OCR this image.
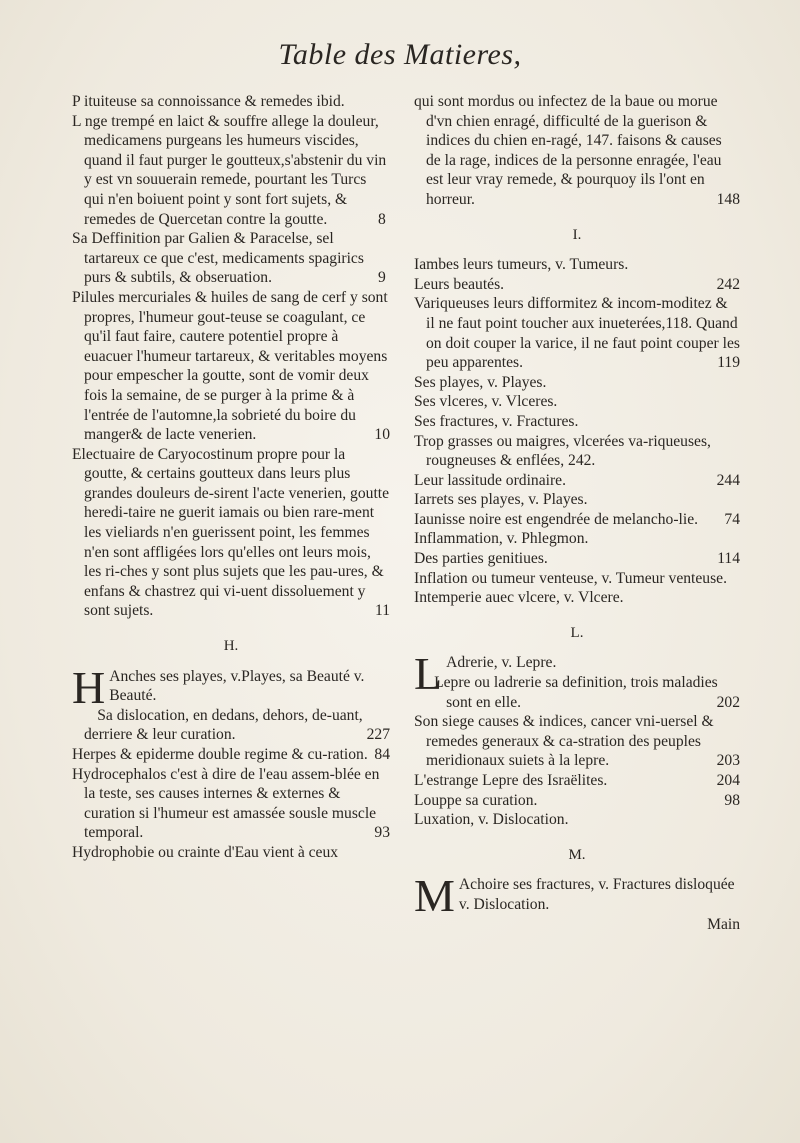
Table des Matieres,

P ituiteuse sa connoissance & remedes ibid.

L nge trempé en laict & souffre allege la douleur, medicamens purgeans les humeurs viscides, quand il faut purger le goutteux,s'abstenir du vin y est vn souuerain remede, pourtant les Turcs qui n'en boiuent point y sont fort sujets, & remedes de Quercetan contre la goutte.	8

Sa Deffinition par Galien & Paracelse, sel tartareux ce que c'est, medicaments spagirics purs & subtils, & obseruation.	9

Pilules mercuriales & huiles de sang de cerf y sont propres, l'humeur gout-teuse se coagulant, ce qu'il faut faire, cautere potentiel propre à euacuer l'humeur tartareux, & veritables moyens pour empescher la goutte, sont de vomir deux fois la semaine, de se purger à la prime & à l'entrée de l'automne,la sobrieté du boire du manger& de lacte venerien.	10

Electuaire de Caryocostinum propre pour la goutte, & certains goutteux dans leurs plus grandes douleurs de-sirent l'acte venerien, goutte heredi-taire ne guerit iamais ou bien rare-ment les vieliards n'en guerissent point, les femmes n'en sont affligées lors qu'elles ont leurs mois, les ri-ches y sont plus sujets que les pau-ures, & enfans & chastrez qui vi-uent dissoluement y sont sujets.	11

H.
H Anches ses playes, v.Playes, sa Beauté v. Beauté.

Sa dislocation, en dedans, dehors, de-uant, derriere & leur curation.	227

Herpes & epiderme double regime & cu-ration. 84

Hydrocephalos c'est à dire de l'eau assem-blée en la teste, ses causes internes & externes & curation si l'humeur est amassée sousle muscle temporal.	93

Hydrophobie ou crainte d'Eau vient à ceux

qui sont mordus ou infectez de la baue ou morue d'vn chien enragé, difficulté de la guerison & indices du chien en-ragé, 147. faisons & causes de la rage, indices de la personne enragée, l'eau est leur vray remede, & pourquoy ils l'ont en horreur.	148

I.

Iambes leurs tumeurs, v. Tumeurs.

Leurs beautés.	242

Variqueuses leurs difformitez & incom-moditez & il ne faut point toucher aux inueterées,118. Quand on doit couper la varice, il ne faut point couper les peu apparentes.	119

Ses playes, v. Playes.

Ses vlceres, v. Vlceres.

Ses fractures, v. Fractures.

Trop grasses ou maigres, vlcerées va-riqueuses, rougneuses & enflées, 242.

Leur lassitude ordinaire.	244

Iarrets ses playes, v. Playes.

Iaunisse noire est engendrée de melancho-lie. 74

Inflammation, v. Phlegmon.

Des parties genitiues.	114

Inflation ou tumeur venteuse, v. Tumeur venteuse.

Intemperie auec vlcere, v. Vlcere.

L.
L Adrerie, v. Lepre.

Lepre ou ladrerie sa definition, trois maladies sont en elle.	202

Son siege causes & indices, cancer vni-uersel & remedes generaux & ca-stration des peuples meridionaux suiets à la lepre.	203

L'estrange Lepre des Israëlites.	204

Louppe sa curation.	98

Luxation, v. Dislocation.

M.
M Achoire ses fractures, v. Fractures disloquée v. Dislocation.
Main
